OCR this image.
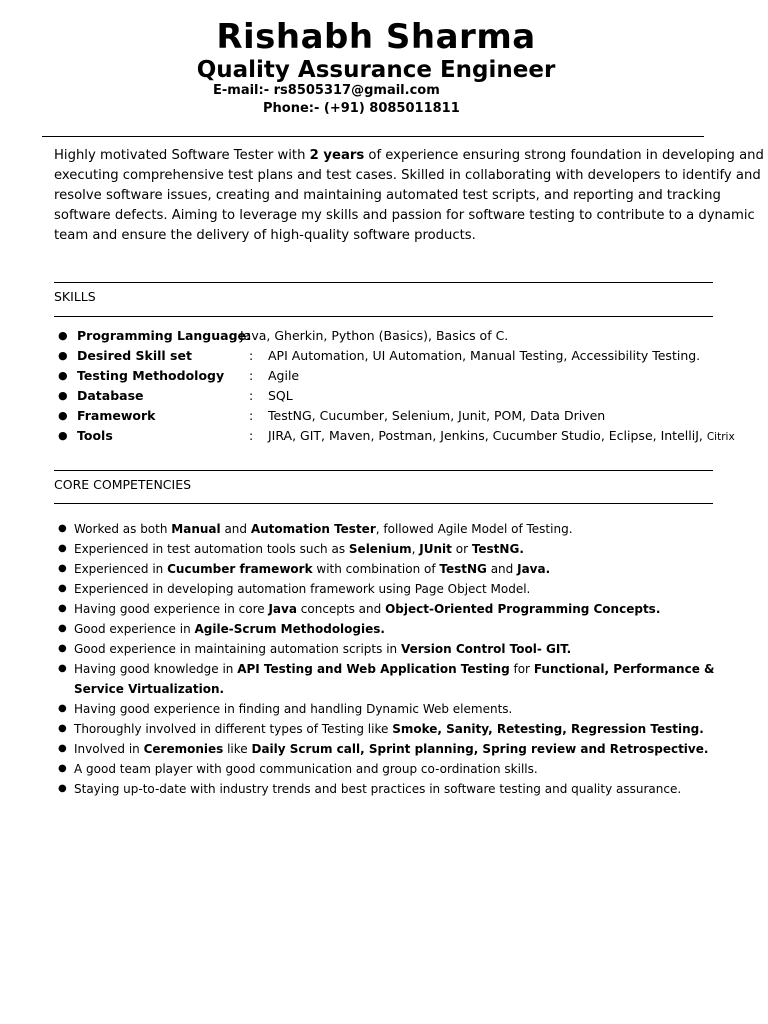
Rishabh Sharma
Quality Assurance Engineer
E-mail:- rs8505317@gmail.com
Phone:- (+91) 8085011811

Highly motivated Software Tester with 2 years of experience ensuring strong foundation in developing and executing comprehensive test plans and test cases. Skilled in collaborating with developers to identify and resolve software issues, creating and maintaining automated test scripts, and reporting and tracking software defects. Aiming to leverage my skills and passion for software testing to contribute to a dynamic team and ensure the delivery of high-quality software products.

SKILLS
● Programming Language:
Java, Gherkin, Python (Basics), Basics of C.
● Desired Skill set	: API Automation, UI Automation, Manual Testing, Accessibility Testing.
● Testing Methodology : Agile
● Database	: SQL
● Framework	: TestNG, Cucumber, Selenium, Junit, POM, Data Driven
● Tools	: JIRA, GIT, Maven, Postman, Jenkins, Cucumber Studio, Eclipse, IntelliJ, Citrix
CORE COMPETENCIES
● Worked as both Manual and Automation Tester, followed Agile Model of Testing.
● Experienced in test automation tools such as Selenium, JUnit or TestNG.
● Experienced in Cucumber framework with combination of TestNG and Java.
● Experienced in developing automation framework using Page Object Model.
● Having good experience in core Java concepts and Object-Oriented Programming Concepts.
● Good experience in Agile-Scrum Methodologies.
● Good experience in maintaining automation scripts in Version Control Tool- GIT.
● Having good knowledge in API Testing and Web Application Testing for Functional, Performance &
Service Virtualization.
● Having good experience in finding and handling Dynamic Web elements.
● Thoroughly involved in different types of Testing like Smoke, Sanity, Retesting, Regression Testing.
● Involved in Ceremonies like Daily Scrum call, Sprint planning, Spring review and Retrospective.
● A good team player with good communication and group co-ordination skills.
● Staying up-to-date with industry trends and best practices in software testing and quality assurance.
